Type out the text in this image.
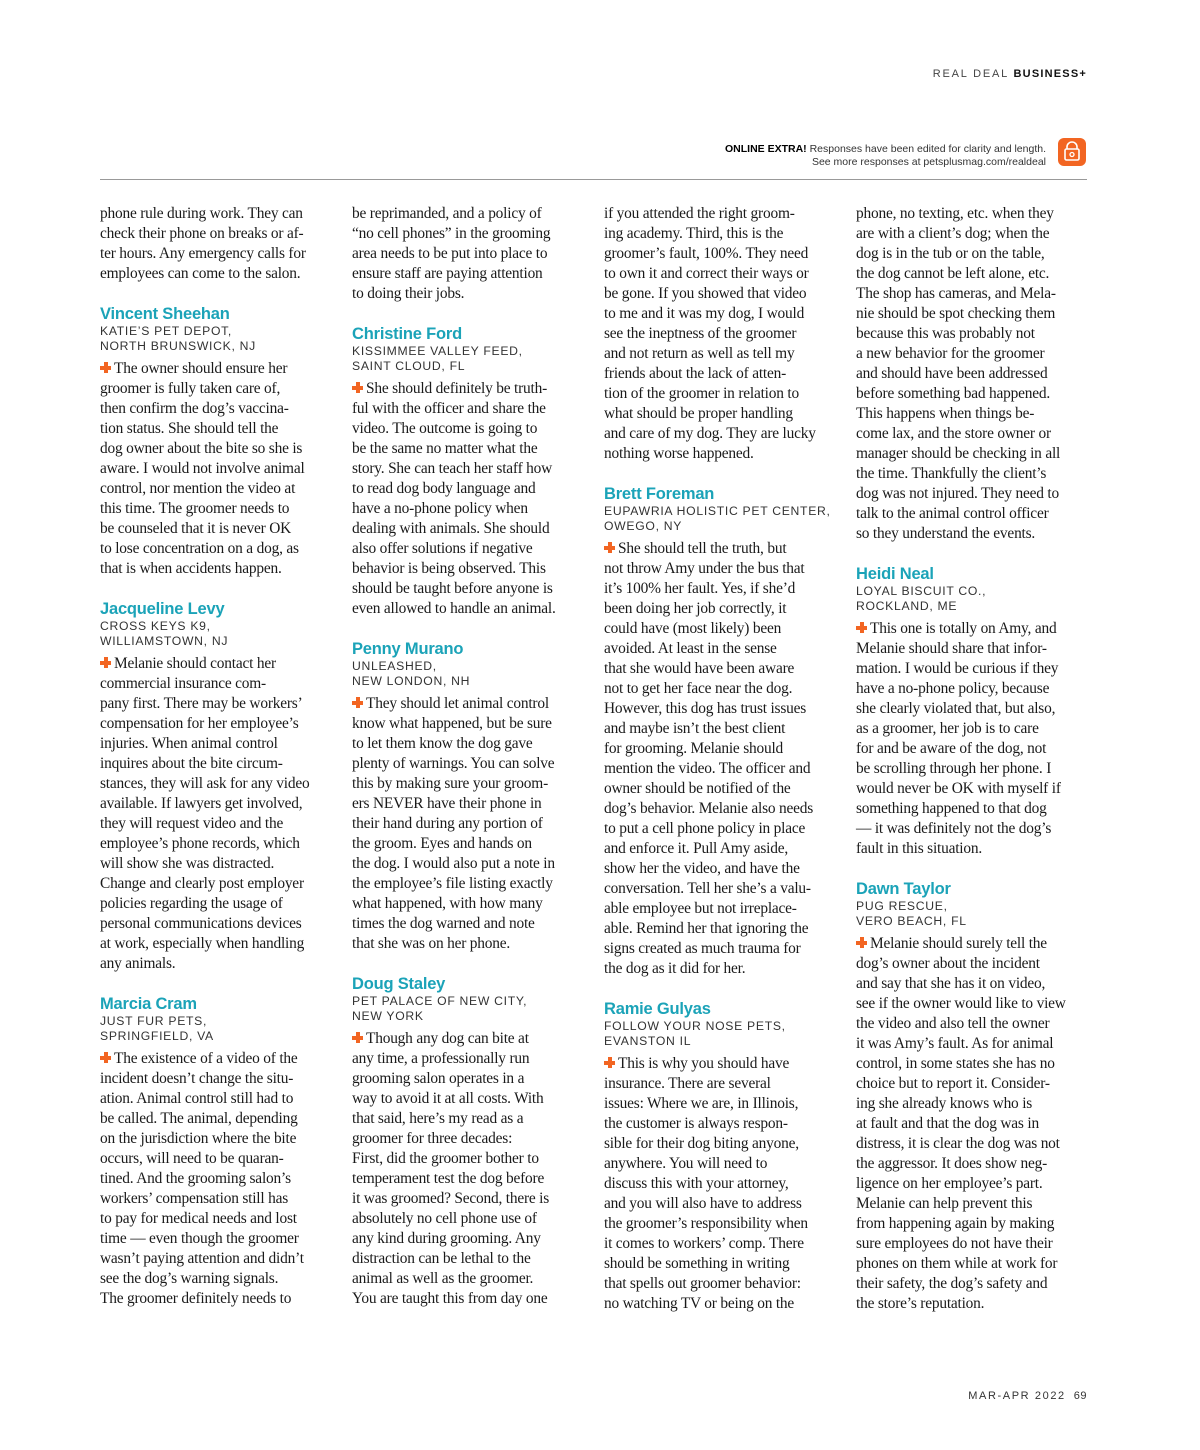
REAL DEAL BUSINESS+
ONLINE EXTRA! Responses have been edited for clarity and length.
See more responses at petsplusmag.com/realdeal

phone rule during work. They can
check their phone on breaks or af-
ter hours. Any emergency calls for
employees can come to the salon.

Vincent Sheehan

KATIE’S PET DEPOT,
NORTH BRUNSWICK, NJ

The owner should ensure her
groomer is fully taken care of,
then confirm the dog’s vaccina-
tion status. She should tell the
dog owner about the bite so she is
aware. I would not involve animal
control, nor mention the video at
this time. The groomer needs to
be counseled that it is never OK
to lose concentration on a dog, as
that is when accidents happen.

Jacqueline Levy

CROSS KEYS K9,
WILLIAMSTOWN, NJ

Melanie should contact her
commercial insurance com-
pany first. There may be workers’
compensation for her employee’s
injuries. When animal control
inquires about the bite circum-
stances, they will ask for any video
available. If lawyers get involved,
they will request video and the
employee’s phone records, which
will show she was distracted.
Change and clearly post employer
policies regarding the usage of
personal communications devices
at work, especially when handling
any animals.

Marcia Cram

JUST FUR PETS,
SPRINGFIELD, VA

The existence of a video of the
incident doesn’t change the situ-
ation. Animal control still had to
be called. The animal, depending
on the jurisdiction where the bite
occurs, will need to be quaran-
tined. And the grooming salon’s
workers’ compensation still has
to pay for medical needs and lost
time — even though the groomer
wasn’t paying attention and didn’t
see the dog’s warning signals.
The groomer definitely needs to

be reprimanded, and a policy of
“no cell phones” in the grooming
area needs to be put into place to
ensure staff are paying attention
to doing their jobs.

Christine Ford

KISSIMMEE VALLEY FEED,
SAINT CLOUD, FL

She should definitely be truth-
ful with the officer and share the
video. The outcome is going to
be the same no matter what the
story. She can teach her staff how
to read dog body language and
have a no-phone policy when
dealing with animals. She should
also offer solutions if negative
behavior is being observed. This
should be taught before anyone is
even allowed to handle an animal.

Penny Murano

UNLEASHED,
NEW LONDON, NH

They should let animal control
know what happened, but be sure
to let them know the dog gave
plenty of warnings. You can solve
this by making sure your groom-
ers NEVER have their phone in
their hand during any portion of
the groom. Eyes and hands on
the dog. I would also put a note in
the employee’s file listing exactly
what happened, with how many
times the dog warned and note
that she was on her phone.

Doug Staley

PET PALACE OF NEW CITY,
NEW YORK

Though any dog can bite at
any time, a professionally run
grooming salon operates in a
way to avoid it at all costs. With
that said, here’s my read as a
groomer for three decades:
First, did the groomer bother to
temperament test the dog before
it was groomed? Second, there is
absolutely no cell phone use of
any kind during grooming. Any
distraction can be lethal to the
animal as well as the groomer.
You are taught this from day one

if you attended the right groom-
ing academy. Third, this is the
groomer’s fault, 100%. They need
to own it and correct their ways or
be gone. If you showed that video
to me and it was my dog, I would
see the ineptness of the groomer
and not return as well as tell my
friends about the lack of atten-
tion of the groomer in relation to
what should be proper handling
and care of my dog. They are lucky
nothing worse happened.

Brett Foreman

EUPAWRIA HOLISTIC PET CENTER,
OWEGO, NY

She should tell the truth, but
not throw Amy under the bus that
it’s 100% her fault. Yes, if she’d
been doing her job correctly, it
could have (most likely) been
avoided. At least in the sense
that she would have been aware
not to get her face near the dog.
However, this dog has trust issues
and maybe isn’t the best client
for grooming. Melanie should
mention the video. The officer and
owner should be notified of the
dog’s behavior. Melanie also needs
to put a cell phone policy in place
and enforce it. Pull Amy aside,
show her the video, and have the
conversation. Tell her she’s a valu-
able employee but not irreplace-
able. Remind her that ignoring the
signs created as much trauma for
the dog as it did for her.

Ramie Gulyas

FOLLOW YOUR NOSE PETS,
EVANSTON IL

This is why you should have
insurance. There are several
issues: Where we are, in Illinois,
the customer is always respon-
sible for their dog biting anyone,
anywhere. You will need to
discuss this with your attorney,
and you will also have to address
the groomer’s responsibility when
it comes to workers’ comp. There
should be something in writing
that spells out groomer behavior:
no watching TV or being on the

phone, no texting, etc. when they
are with a client’s dog; when the
dog is in the tub or on the table,
the dog cannot be left alone, etc.
The shop has cameras, and Mela-
nie should be spot checking them
because this was probably not
a new behavior for the groomer
and should have been addressed
before something bad happened.
This happens when things be-
come lax, and the store owner or
manager should be checking in all
the time. Thankfully the client’s
dog was not injured. They need to
talk to the animal control officer
so they understand the events.

Heidi Neal

LOYAL BISCUIT CO.,
ROCKLAND, ME

This one is totally on Amy, and
Melanie should share that infor-
mation. I would be curious if they
have a no-phone policy, because
she clearly violated that, but also,
as a groomer, her job is to care
for and be aware of the dog, not
be scrolling through her phone. I
would never be OK with myself if
something happened to that dog
— it was definitely not the dog’s
fault in this situation.

Dawn Taylor

PUG RESCUE,
VERO BEACH, FL

Melanie should surely tell the
dog’s owner about the incident
and say that she has it on video,
see if the owner would like to view
the video and also tell the owner
it was Amy’s fault. As for animal
control, in some states she has no
choice but to report it. Consider-
ing she already knows who is
at fault and that the dog was in
distress, it is clear the dog was not
the aggressor. It does show neg-
ligence on her employee’s part.
Melanie can help prevent this
from happening again by making
sure employees do not have their
phones on them while at work for
their safety, the dog’s safety and
the store’s reputation.

MAR-APR 2022 69
